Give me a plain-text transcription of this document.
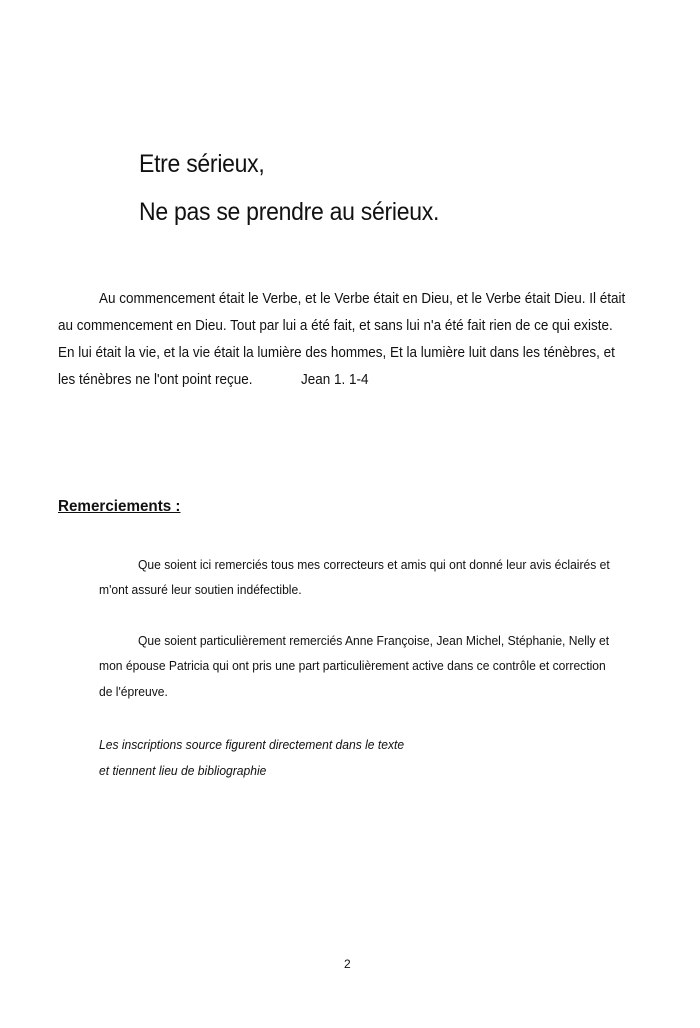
Etre sérieux,
Ne pas se prendre au sérieux.
Au commencement était le Verbe, et le Verbe était en Dieu, et le Verbe était Dieu. Il était
au commencement en Dieu. Tout par lui a été fait, et sans lui n'a été fait rien de ce qui existe.
En lui était la vie, et la vie était la lumière des hommes, Et la lumière luit dans les ténèbres, et
les ténèbres ne l'ont point reçue.	Jean 1. 1-4
Remerciements :
Que soient ici remerciés tous mes correcteurs et amis qui ont donné leur avis éclairés et
m'ont assuré leur soutien indéfectible.
Que soient particulièrement remerciés Anne Françoise, Jean Michel, Stéphanie, Nelly et
mon épouse Patricia qui ont pris une part particulièrement active dans ce contrôle et correction
de l'épreuve.
Les inscriptions source figurent directement dans le texte
et tiennent lieu de bibliographie
2
